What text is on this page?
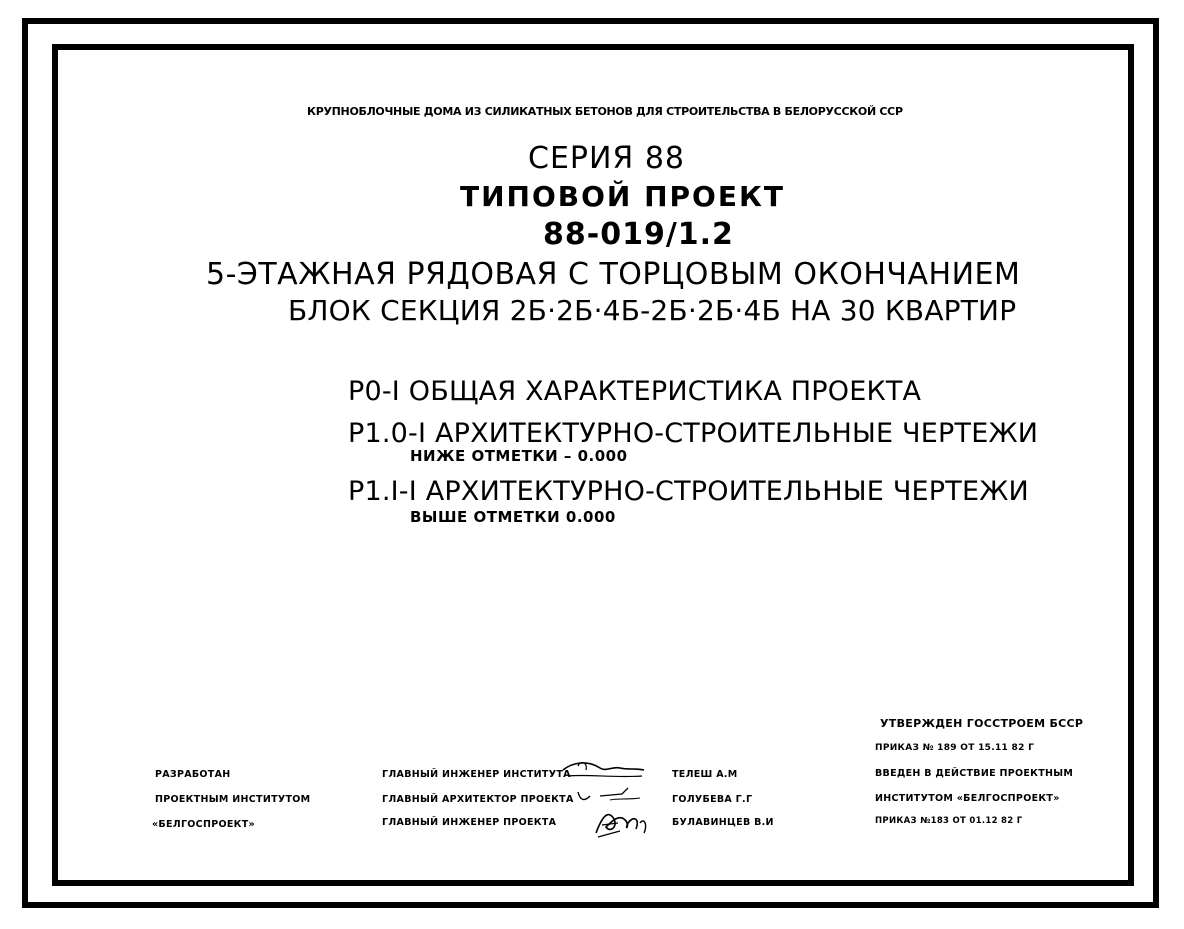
КРУПНОБЛОЧНЫЕ ДОМА ИЗ СИЛИКАТНЫХ БЕТОНОВ ДЛЯ СТРОИТЕЛЬСТВА В БЕЛОРУССКОЙ ССР
СЕРИЯ 88
ТИПОВОЙ ПРОЕКТ
88-019/1.2
5-ЭТАЖНАЯ РЯДОВАЯ С ТОРЦОВЫМ ОКОНЧАНИЕМ
БЛОК СЕКЦИЯ 2Б·2Б·4Б-2Б·2Б·4Б НА 30 КВАРТИР
Р0-I ОБЩАЯ ХАРАКТЕРИСТИКА ПРОЕКТА
Р1.0-I АРХИТЕКТУРНО-СТРОИТЕЛЬНЫЕ ЧЕРТЕЖИ
НИЖЕ ОТМЕТКИ – 0.000
Р1.I-I АРХИТЕКТУРНО-СТРОИТЕЛЬНЫЕ ЧЕРТЕЖИ
ВЫШЕ ОТМЕТКИ 0.000
УТВЕРЖДЕН ГОССТРОЕМ БССР
ПРИКАЗ № 189 ОТ 15.11 82 Г
ВВЕДЕН В ДЕЙСТВИЕ ПРОЕКТНЫМ
ИНСТИТУТОМ «БЕЛГОСПРОЕКТ»
ПРИКАЗ №183 ОТ 01.12 82 Г
РАЗРАБОТАН
ПРОЕКТНЫМ ИНСТИТУТОМ
«БЕЛГОСПРОЕКТ»
ГЛАВНЫЙ ИНЖЕНЕР ИНСТИТУТА
ГЛАВНЫЙ АРХИТЕКТОР ПРОЕКТА
ГЛАВНЫЙ ИНЖЕНЕР ПРОЕКТА
ТЕЛЕШ А.М
ГОЛУБЕВА Г.Г
БУЛАВИНЦЕВ В.И
